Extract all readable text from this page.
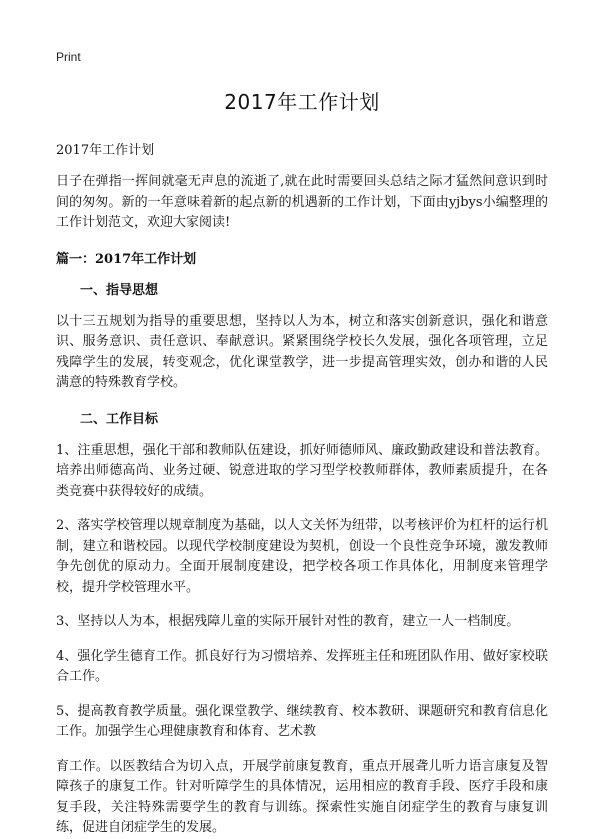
Print
2017年工作计划

2017年工作计划

日子在弹指一挥间就毫无声息的流逝了,就在此时需要回头总结之际才猛然间意识到时间的匆匆。新的一年意味着新的起点新的机遇新的工作计划，下面由yjbys小编整理的工作计划范文，欢迎大家阅读!

篇一：2017年工作计划

一、指导思想

以十三五规划为指导的重要思想，坚持以人为本，树立和落实创新意识，强化和谐意识、服务意识、责任意识、奉献意识。紧紧围绕学校长久发展，强化各项管理，立足残障学生的发展，转变观念，优化课堂教学，进一步提高管理实效，创办和谐的人民满意的特殊教育学校。

二、工作目标

1、注重思想，强化干部和教师队伍建设，抓好师德师风、廉政勤政建设和普法教育。培养出师德高尚、业务过硬、锐意进取的学习型学校教师群体，教师素质提升，在各类竞赛中获得较好的成绩。

2、落实学校管理以规章制度为基础，以人文关怀为纽带，以考核评价为杠杆的运行机制，建立和谐校园。以现代学校制度建设为契机，创设一个良性竞争环境，激发教师争先创优的原动力。全面开展制度建设，把学校各项工作具体化，用制度来管理学校，提升学校管理水平。

3、坚持以人为本，根据残障儿童的实际开展针对性的教育，建立一人一档制度。

4、强化学生德育工作。抓良好行为习惯培养、发挥班主任和班团队作用、做好家校联合工作。

5、提高教育教学质量。强化课堂教学、继续教育、校本教研、课题研究和教育信息化工作。加强学生心理健康教育和体育、艺术教

育工作。以医教结合为切入点，开展学前康复教育，重点开展聋儿听力语言康复及智障孩子的康复工作。针对听障学生的具体情况，运用相应的教育手段、医疗手段和康复手段，关注特殊需要学生的教育与训练。探索性实施自闭症学生的教育与康复训练，促进自闭症学生的发展。
